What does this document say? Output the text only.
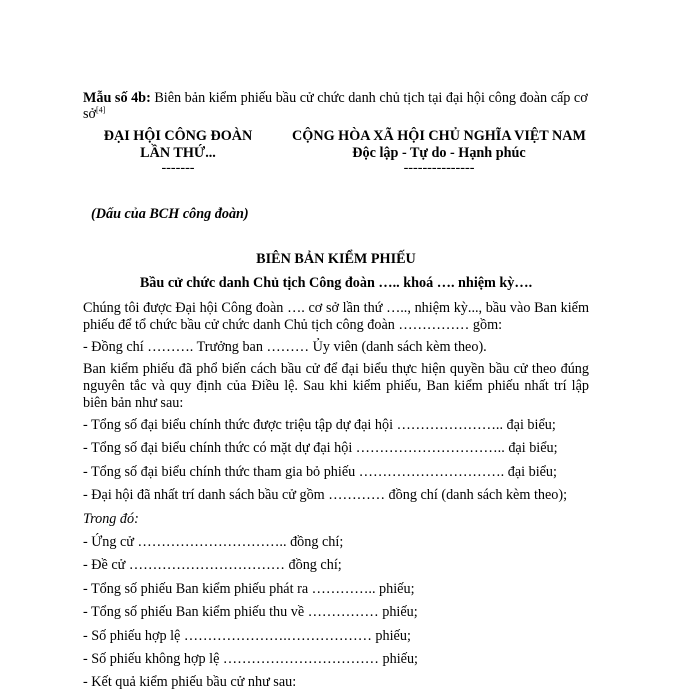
Mẫu số 4b: Biên bản kiểm phiếu bầu cử chức danh chủ tịch tại đại hội công đoàn cấp cơ sở[4]

ĐẠI HỘI CÔNG ĐOÀN
LẦN THỨ...
-------
CỘNG HÒA XÃ HỘI CHỦ NGHĨA VIỆT NAM
Độc lập - Tự do - Hạnh phúc
---------------
(Dấu của BCH công đoàn)
BIÊN BẢN KIỂM PHIẾU
Bầu cử chức danh Chủ tịch Công đoàn ….. khoá …. nhiệm kỳ….

Chúng tôi được Đại hội Công đoàn …. cơ sở lần thứ ….., nhiệm kỳ..., bầu vào Ban kiểm phiếu để tổ chức bầu cử chức danh Chủ tịch công đoàn …………… gồm:

- Đồng chí ………. Trưởng ban ……… Ủy viên (danh sách kèm theo).

Ban kiểm phiếu đã phổ biến cách bầu cử để đại biểu thực hiện quyền bầu cử theo đúng nguyên tắc và quy định của Điều lệ. Sau khi kiểm phiếu, Ban kiểm phiếu nhất trí lập biên bản như sau:

- Tổng số đại biểu chính thức được triệu tập dự đại hội ………………….. đại biểu;

- Tổng số đại biểu chính thức có mặt dự đại hội ………………………….. đại biểu;

- Tổng số đại biểu chính thức tham gia bỏ phiếu …………………………. đại biểu;

- Đại hội đã nhất trí danh sách bầu cử gồm ………… đồng chí (danh sách kèm theo);

Trong đó:

- Ứng cử ………………………….. đồng chí;

- Đề cử …………………………… đồng chí;

- Tổng số phiếu Ban kiểm phiếu phát ra ………….. phiếu;

- Tổng số phiếu Ban kiểm phiếu thu về …………… phiếu;

- Số phiếu hợp lệ ………………….……………… phiếu;

- Số phiếu không hợp lệ …………………………… phiếu;

- Kết quả kiểm phiếu bầu cử như sau:
